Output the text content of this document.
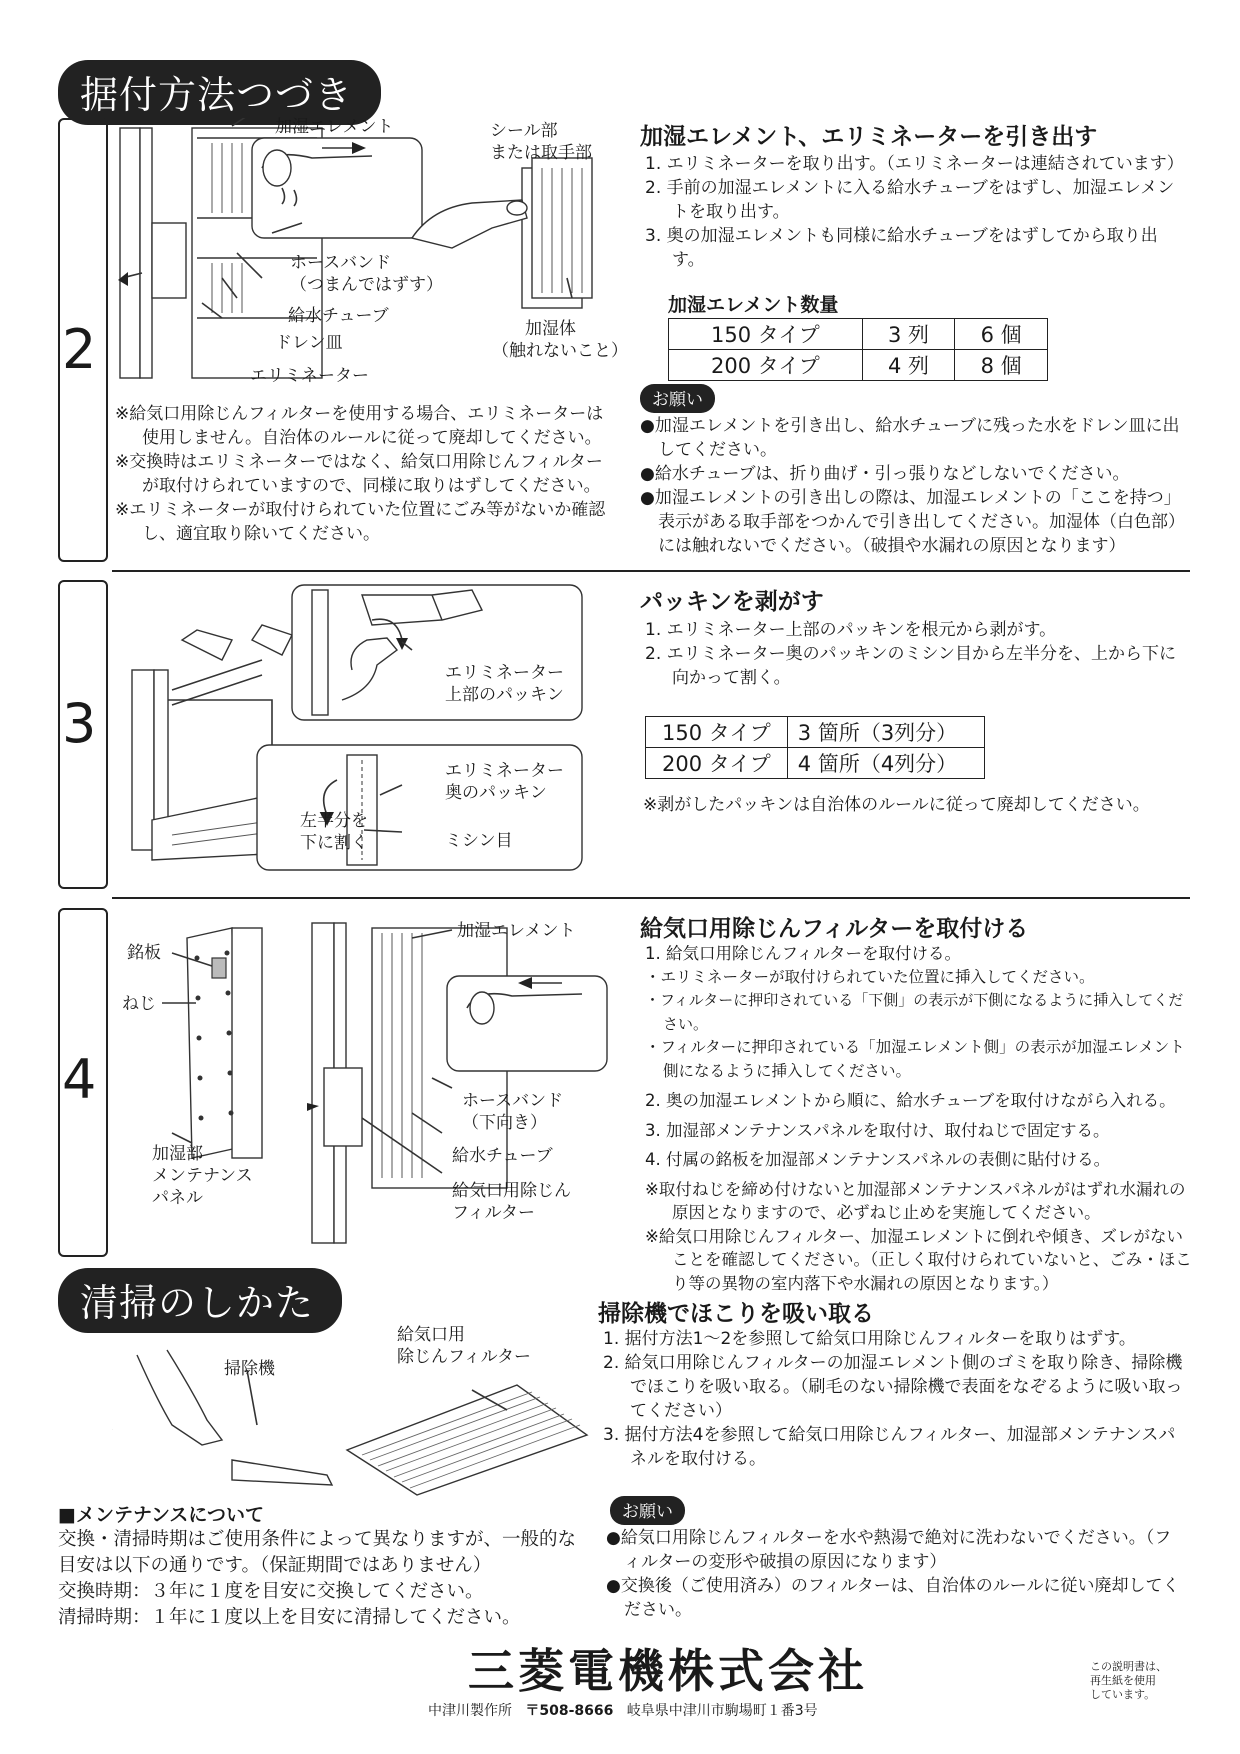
据付方法つづき
2
加湿エレメント	シール部
または取手部
ホースバンド
（つまんではずす）
給水チューブ
ドレン皿
エリミネーター
加湿体
（触れないこと）

※給気口用除じんフィルターを使用する場合、エリミネーターは使用しません。自治体のルールに従って廃却してください。

※交換時はエリミネーターではなく、給気口用除じんフィルターが取付けられていますので、同様に取りはずしてください。

※エリミネーターが取付けられていた位置にごみ等がないか確認し、適宜取り除いてください。

加湿エレメント、エリミネーターを引き出す

1. エリミネーターを取り出す。（エリミネーターは連結されています）

2. 手前の加湿エレメントに入る給水チューブをはずし、加湿エレメントを取り出す。

3. 奥の加湿エレメントも同様に給水チューブをはずしてから取り出す。

加湿エレメント数量
150 タイプ	3 列	6 個
200 タイプ	4 列	8 個
お願い

●加湿エレメントを引き出し、給水チューブに残った水をドレン皿に出してください。

●給水チューブは、折り曲げ・引っ張りなどしないでください。

●加湿エレメントの引き出しの際は、加湿エレメントの「ここを持つ」表示がある取手部をつかんで引き出してください。加湿体（白色部）には触れないでください。（破損や水漏れの原因となります）

3
エリミネーター
上部のパッキン
エリミネーター
奥のパッキン
左半分を
下に割く	ミシン目
パッキンを剥がす

1. エリミネーター上部のパッキンを根元から剥がす。

2. エリミネーター奥のパッキンのミシン目から左半分を、上から下に向かって割く。

150 タイプ	3 箇所（3列分）
200 タイプ	4 箇所（4列分）
※剥がしたパッキンは自治体のルールに従って廃却してください。
4
銘板
ねじ
加湿部
メンテナンス
パネル
加湿エレメント
ホースバンド
（下向き）
給水チューブ
給気口用除じん
フィルター
給気口用除じんフィルターを取付ける

1. 給気口用除じんフィルターを取付ける。

・エリミネーターが取付けられていた位置に挿入してください。

・フィルターに押印されている「下側」の表示が下側になるように挿入してください。

・フィルターに押印されている「加湿エレメント側」の表示が加湿エレメント側になるように挿入してください。

2. 奥の加湿エレメントから順に、給水チューブを取付けながら入れる。

3. 加湿部メンテナンスパネルを取付け、取付ねじで固定する。

4. 付属の銘板を加湿部メンテナンスパネルの表側に貼付ける。

※取付ねじを締め付けないと加湿部メンテナンスパネルがはずれ水漏れの原因となりますので、必ずねじ止めを実施してください。

※給気口用除じんフィルター、加湿エレメントに倒れや傾き、ズレがないことを確認してください。（正しく取付けられていないと、ごみ・ほこり等の異物の室内落下や水漏れの原因となります。）

清掃のしかた
掃除機
給気口用
除じんフィルター
■メンテナンスについて

交換・清掃時期はご使用条件によって異なりますが、一般的な目安は以下の通りです。（保証期間ではありません）

交換時期：３年に１度を目安に交換してください。

清掃時期：１年に１度以上を目安に清掃してください。

掃除機でほこりを吸い取る

1. 据付方法1～2を参照して給気口用除じんフィルターを取りはずす。

2. 給気口用除じんフィルターの加湿エレメント側のゴミを取り除き、掃除機でほこりを吸い取る。（刷毛のない掃除機で表面をなぞるように吸い取ってください）

3. 据付方法4を参照して給気口用除じんフィルター、加湿部メンテナンスパネルを取付ける。

お願い

●給気口用除じんフィルターを水や熱湯で絶対に洗わないでください。（フィルターの変形や破損の原因になります）

●交換後（ご使用済み）のフィルターは、自治体のルールに従い廃却してください。

三菱電機株式会社
中津川製作所 〒508-8666 岐阜県中津川市駒場町１番3号
この説明書は、
再生紙を使用
しています。
